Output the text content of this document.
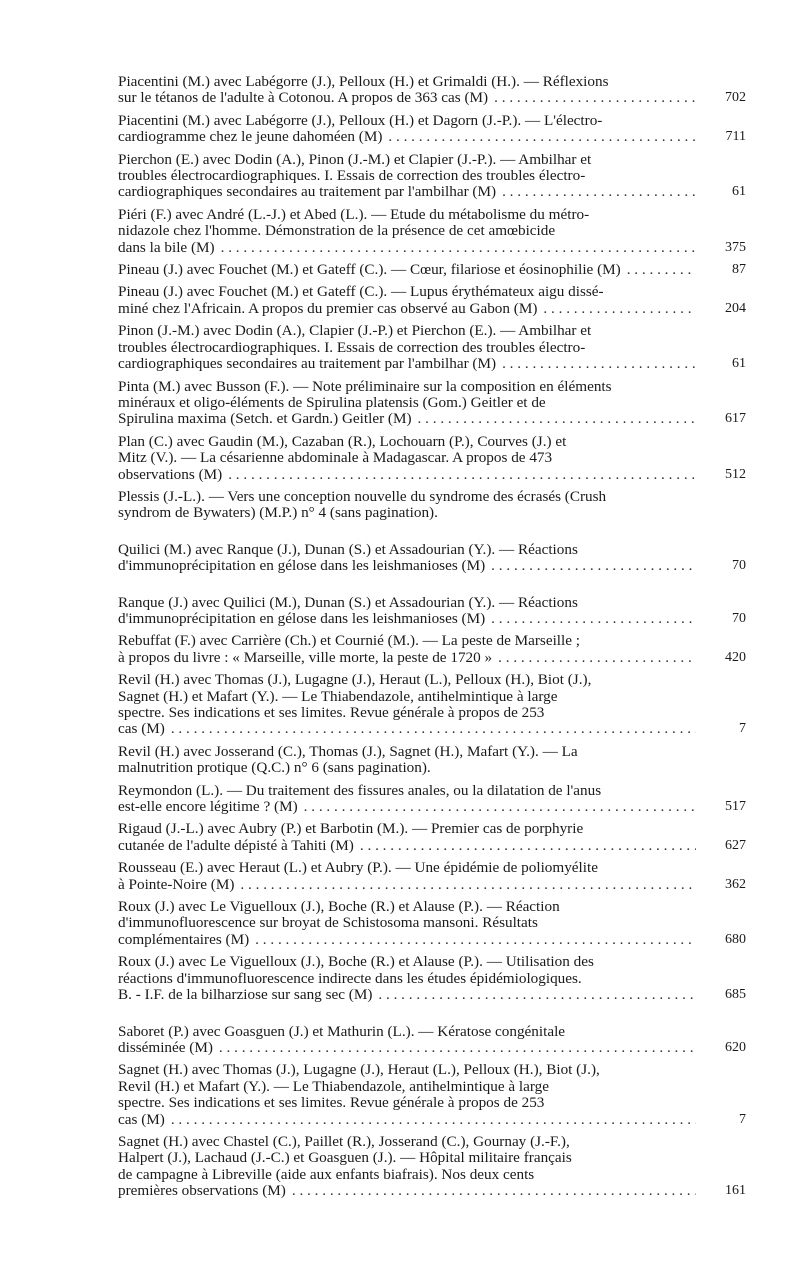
Piacentini (M.) avec Labégorre (J.), Pelloux (H.) et Grimaldi (H.). — Réflexions
sur le tétanos de l'adulte à Cotonou. A propos de 363 cas (M) . . .	702
Piacentini (M.) avec Labégorre (J.), Pelloux (H.) et Dagorn (J.-P.). — L'électro-
cardiogramme chez le jeune dahoméen (M) . . .	711
Pierchon (E.) avec Dodin (A.), Pinon (J.-M.) et Clapier (J.-P.). — Ambilhar et
troubles électrocardiographiques. I. Essais de correction des troubles électro-
cardiographiques secondaires au traitement par l'ambilhar (M) . . .	61
Piéri (F.) avec André (L.-J.) et Abed (L.). — Etude du métabolisme du métro-
nidazole chez l'homme. Démonstration de la présence de cet amœbicide
dans la bile (M) . . .	375
Pineau (J.) avec Fouchet (M.) et Gateff (C.). — Cœur, filariose et éosinophilie (M) . . .	87
Pineau (J.) avec Fouchet (M.) et Gateff (C.). — Lupus érythémateux aigu dissé-
miné chez l'Africain. A propos du premier cas observé au Gabon (M) . . .	204
Pinon (J.-M.) avec Dodin (A.), Clapier (J.-P.) et Pierchon (E.). — Ambilhar et
troubles électrocardiographiques. I. Essais de correction des troubles électro-
cardiographiques secondaires au traitement par l'ambilhar (M) . . .	61
Pinta (M.) avec Busson (F.). — Note préliminaire sur la composition en éléments
minéraux et oligo-éléments de Spirulina platensis (Gom.) Geitler et de
Spirulina maxima (Setch. et Gardn.) Geitler (M) . . .	617
Plan (C.) avec Gaudin (M.), Cazaban (R.), Lochouarn (P.), Courves (J.) et
Mitz (V.). — La césarienne abdominale à Madagascar. A propos de 473
observations (M) . . .	512
Plessis (J.-L.). — Vers une conception nouvelle du syndrome des écrasés (Crush
syndrom de Bywaters) (M.P.) n° 4 (sans pagination).
Quilici (M.) avec Ranque (J.), Dunan (S.) et Assadourian (Y.). — Réactions
d'immunoprécipitation en gélose dans les leishmanioses (M) . . .	70
Ranque (J.) avec Quilici (M.), Dunan (S.) et Assadourian (Y.). — Réactions
d'immunoprécipitation en gélose dans les leishmanioses (M) . . .	70
Rebuffat (F.) avec Carrière (Ch.) et Cournié (M.). — La peste de Marseille ;
à propos du livre : « Marseille, ville morte, la peste de 1720 » . . .	420
Revil (H.) avec Thomas (J.), Lugagne (J.), Heraut (L.), Pelloux (H.), Biot (J.),
Sagnet (H.) et Mafart (Y.). — Le Thiabendazole, antihelmintique à large
spectre. Ses indications et ses limites. Revue générale à propos de 253
cas (M) . . .	7
Revil (H.) avec Josserand (C.), Thomas (J.), Sagnet (H.), Mafart (Y.). — La
malnutrition protique (Q.C.) n° 6 (sans pagination).
Reymondon (L.). — Du traitement des fissures anales, ou la dilatation de l'anus
est-elle encore légitime ? (M) . . .	517
Rigaud (J.-L.) avec Aubry (P.) et Barbotin (M.). — Premier cas de porphyrie
cutanée de l'adulte dépisté à Tahiti (M) . . .	627
Rousseau (E.) avec Heraut (L.) et Aubry (P.). — Une épidémie de poliomyélite
à Pointe-Noire (M) . . .	362
Roux (J.) avec Le Viguelloux (J.), Boche (R.) et Alause (P.). — Réaction
d'immunofluorescence sur broyat de Schistosoma mansoni. Résultats
complémentaires (M) . . .	680
Roux (J.) avec Le Viguelloux (J.), Boche (R.) et Alause (P.). — Utilisation des
réactions d'immunofluorescence indirecte dans les études épidémiologiques.
B. - I.F. de la bilharziose sur sang sec (M) . . .	685
Saboret (P.) avec Goasguen (J.) et Mathurin (L.). — Kératose congénitale
disséminée (M) . . .	620
Sagnet (H.) avec Thomas (J.), Lugagne (J.), Heraut (L.), Pelloux (H.), Biot (J.),
Revil (H.) et Mafart (Y.). — Le Thiabendazole, antihelmintique à large
spectre. Ses indications et ses limites. Revue générale à propos de 253
cas (M) . . .	7
Sagnet (H.) avec Chastel (C.), Paillet (R.), Josserand (C.), Gournay (J.-F.),
Halpert (J.), Lachaud (J.-C.) et Goasguen (J.). — Hôpital militaire français
de campagne à Libreville (aide aux enfants biafrais). Nos deux cents
premières observations (M) . . .	161
